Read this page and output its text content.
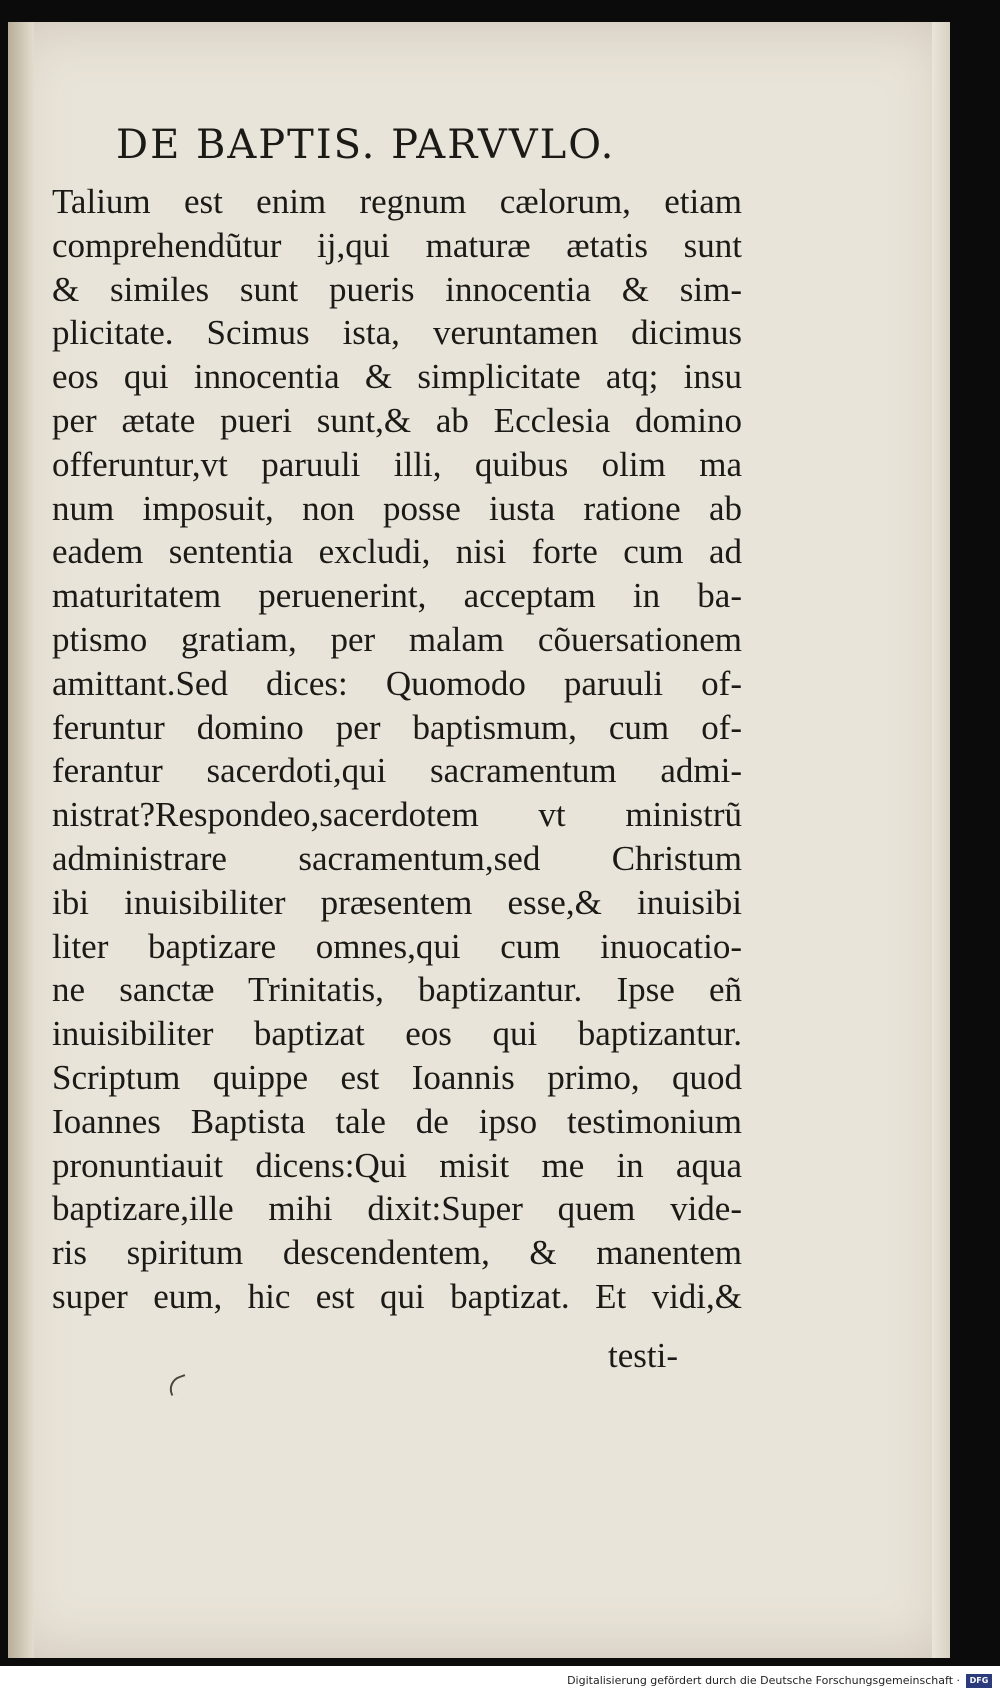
DE BAPTIS. PARVVLO.
Talium est enim regnum cælorum, etiam
comprehendũtur ij,qui maturæ ætatis sunt
& similes sunt pueris innocentia & sim-
plicitate. Scimus ista, veruntamen dicimus
eos qui innocentia & simplicitate atq; insu
per ætate pueri sunt,& ab Ecclesia domino
offeruntur,vt paruuli illi, quibus olim ma
num imposuit, non posse iusta ratione ab
eadem sententia excludi, nisi forte cum ad
maturitatem peruenerint, acceptam in ba-
ptismo gratiam, per malam cõuersationem
amittant.Sed dices: Quomodo paruuli of-
feruntur domino per baptismum, cum of-
ferantur sacerdoti,qui sacramentum admi-
nistrat?Respondeo,sacerdotem vt ministrũ
administrare sacramentum,sed Christum
ibi inuisibiliter præsentem esse,& inuisibi
liter baptizare omnes,qui cum inuocatio-
ne sanctæ Trinitatis, baptizantur. Ipse eñ
inuisibiliter baptizat eos qui baptizantur.
Scriptum quippe est Ioannis primo, quod
Ioannes Baptista tale de ipso testimonium
pronuntiauit dicens:Qui misit me in aqua
baptizare,ille mihi dixit:Super quem vide-
ris spiritum descendentem, & manentem
super eum, hic est qui baptizat. Et vidi,&
testi-
Digitalisierung gefördert durch die Deutsche Forschungsgemeinschaft ·	DFG
